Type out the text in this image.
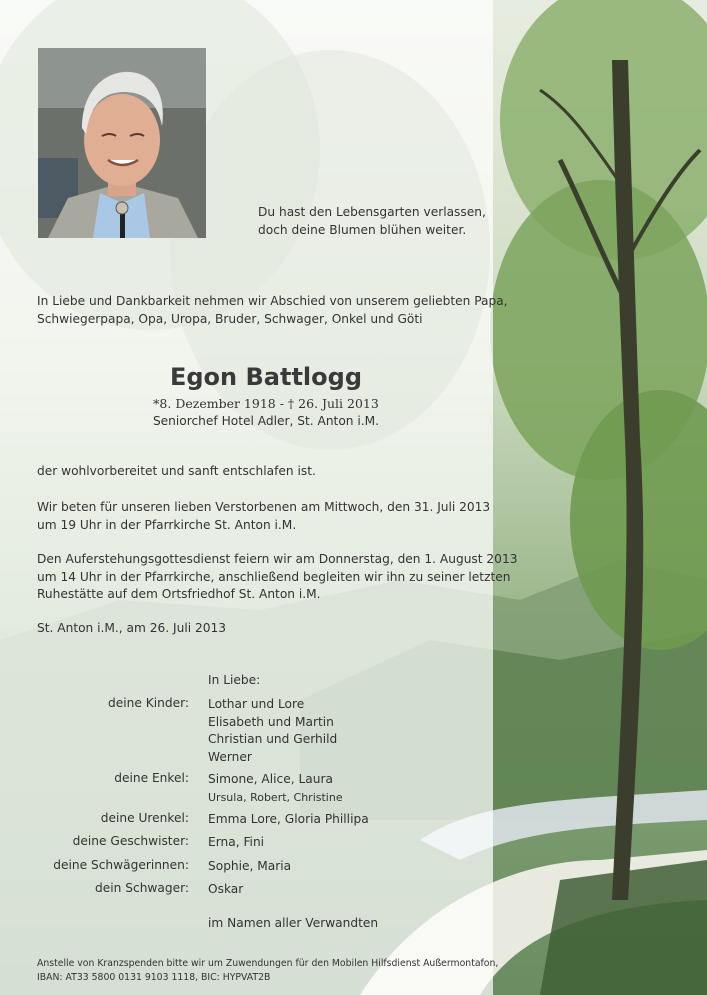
Du hast den Lebensgarten verlassen,
doch deine Blumen blühen weiter.
In Liebe und Dankbarkeit nehmen wir Abschied von unserem geliebten Papa,
Schwiegerpapa, Opa, Uropa, Bruder, Schwager, Onkel und Göti
Egon Battlogg
*8. Dezember 1918 - † 26. Juli 2013
Seniorchef Hotel Adler, St. Anton i.M.
der wohlvorbereitet und sanft entschlafen ist.
Wir beten für unseren lieben Verstorbenen am Mittwoch, den 31. Juli 2013
um 19 Uhr in der Pfarrkirche St. Anton i.M.
Den Auferstehungsgottesdienst feiern wir am Donnerstag, den 1. August 2013
um 14 Uhr in der Pfarrkirche, anschließend begleiten wir ihn zu seiner letzten
Ruhestätte auf dem Ortsfriedhof St. Anton i.M.
St. Anton i.M., am 26. Juli 2013
In Liebe:
deine Kinder: Lothar und Lore
Elisabeth und Martin
Christian und Gerhild
Werner
deine Enkel: Simone, Alice, Laura
Ursula, Robert, Christine
deine Urenkel: Emma Lore, Gloria Phillipa
deine Geschwister: Erna, Fini
deine Schwägerinnen: Sophie, Maria
dein Schwager: Oskar
im Namen aller Verwandten
Anstelle von Kranzspenden bitte wir um Zuwendungen für den Mobilen Hilfsdienst Außermontafon,
IBAN: AT33 5800 0131 9103 1118, BIC: HYPVAT2B
